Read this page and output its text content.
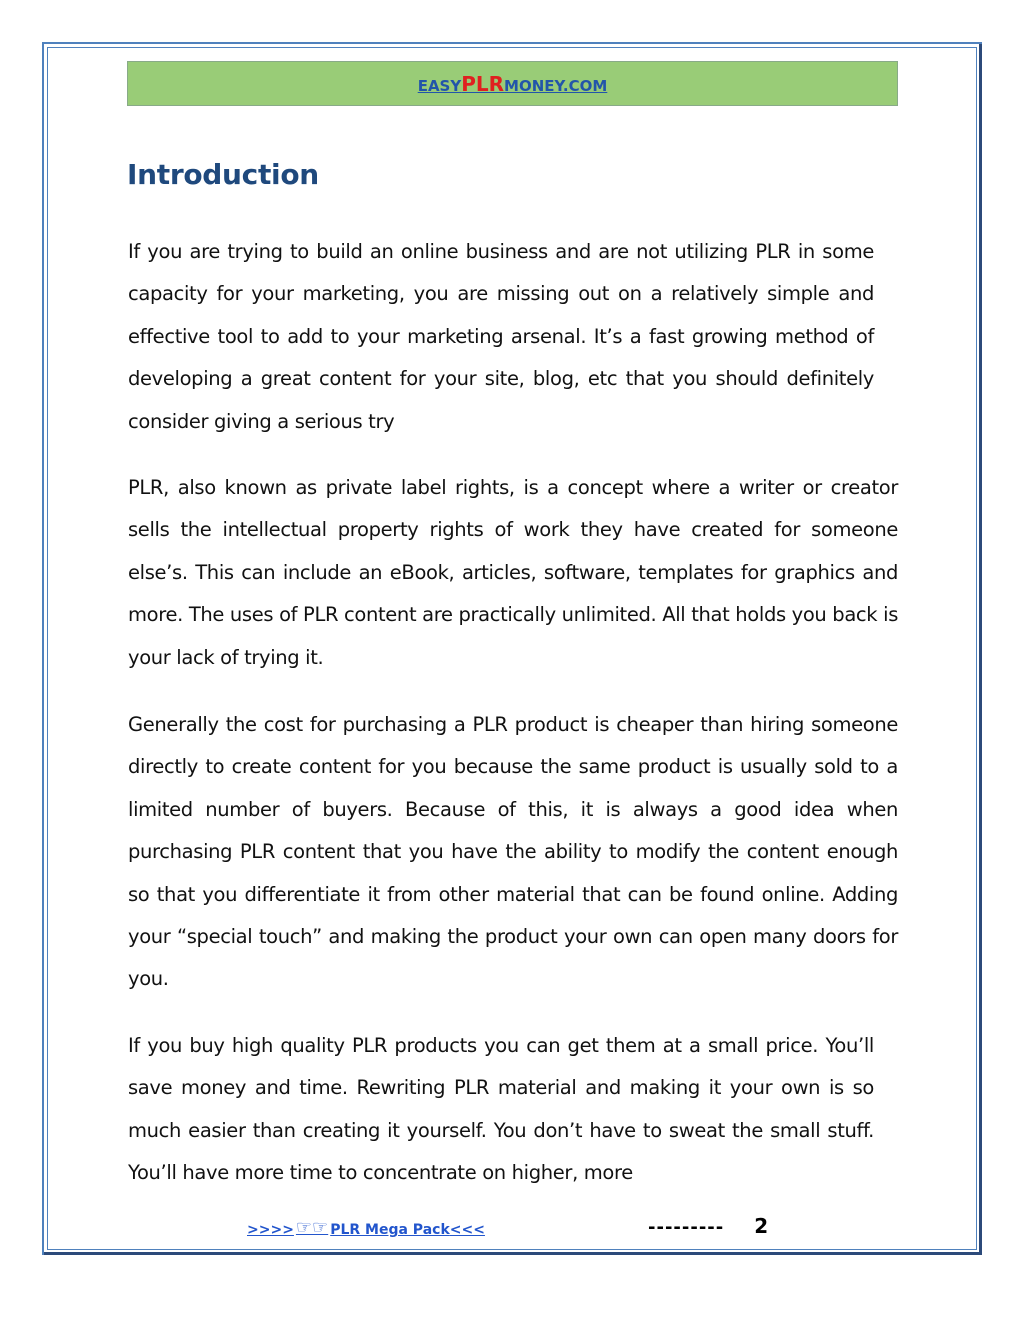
EASYPLRMONEY.COM
Introduction

If you are trying to build an online business and are not utilizing PLR in some capacity for your marketing, you are missing out on a relatively simple and effective tool to add to your marketing arsenal. It’s a fast growing method of developing a great content for your site, blog, etc that you should definitely consider giving a serious try

PLR, also known as private label rights, is a concept where a writer or creator sells the intellectual property rights of work they have created for someone else’s. This can include an eBook, articles, software, templates for graphics and more. The uses of PLR content are practically unlimited. All that holds you back is your lack of trying it.

Generally the cost for purchasing a PLR product is cheaper than hiring someone directly to create content for you because the same product is usually sold to a limited number of buyers. Because of this, it is always a good idea when purchasing PLR content that you have the ability to modify the content enough so that you differentiate it from other material that can be found online. Adding your “special touch” and making the product your own can open many doors for you.

If you buy high quality PLR products you can get them at a small price. You’ll save money and time. Rewriting PLR material and making it your own is so much easier than creating it yourself. You don’t have to sweat the small stuff. You’ll have more time to concentrate on higher, more

>>>> ☞☞ PLR Mega Pack <<<	--------- 2
